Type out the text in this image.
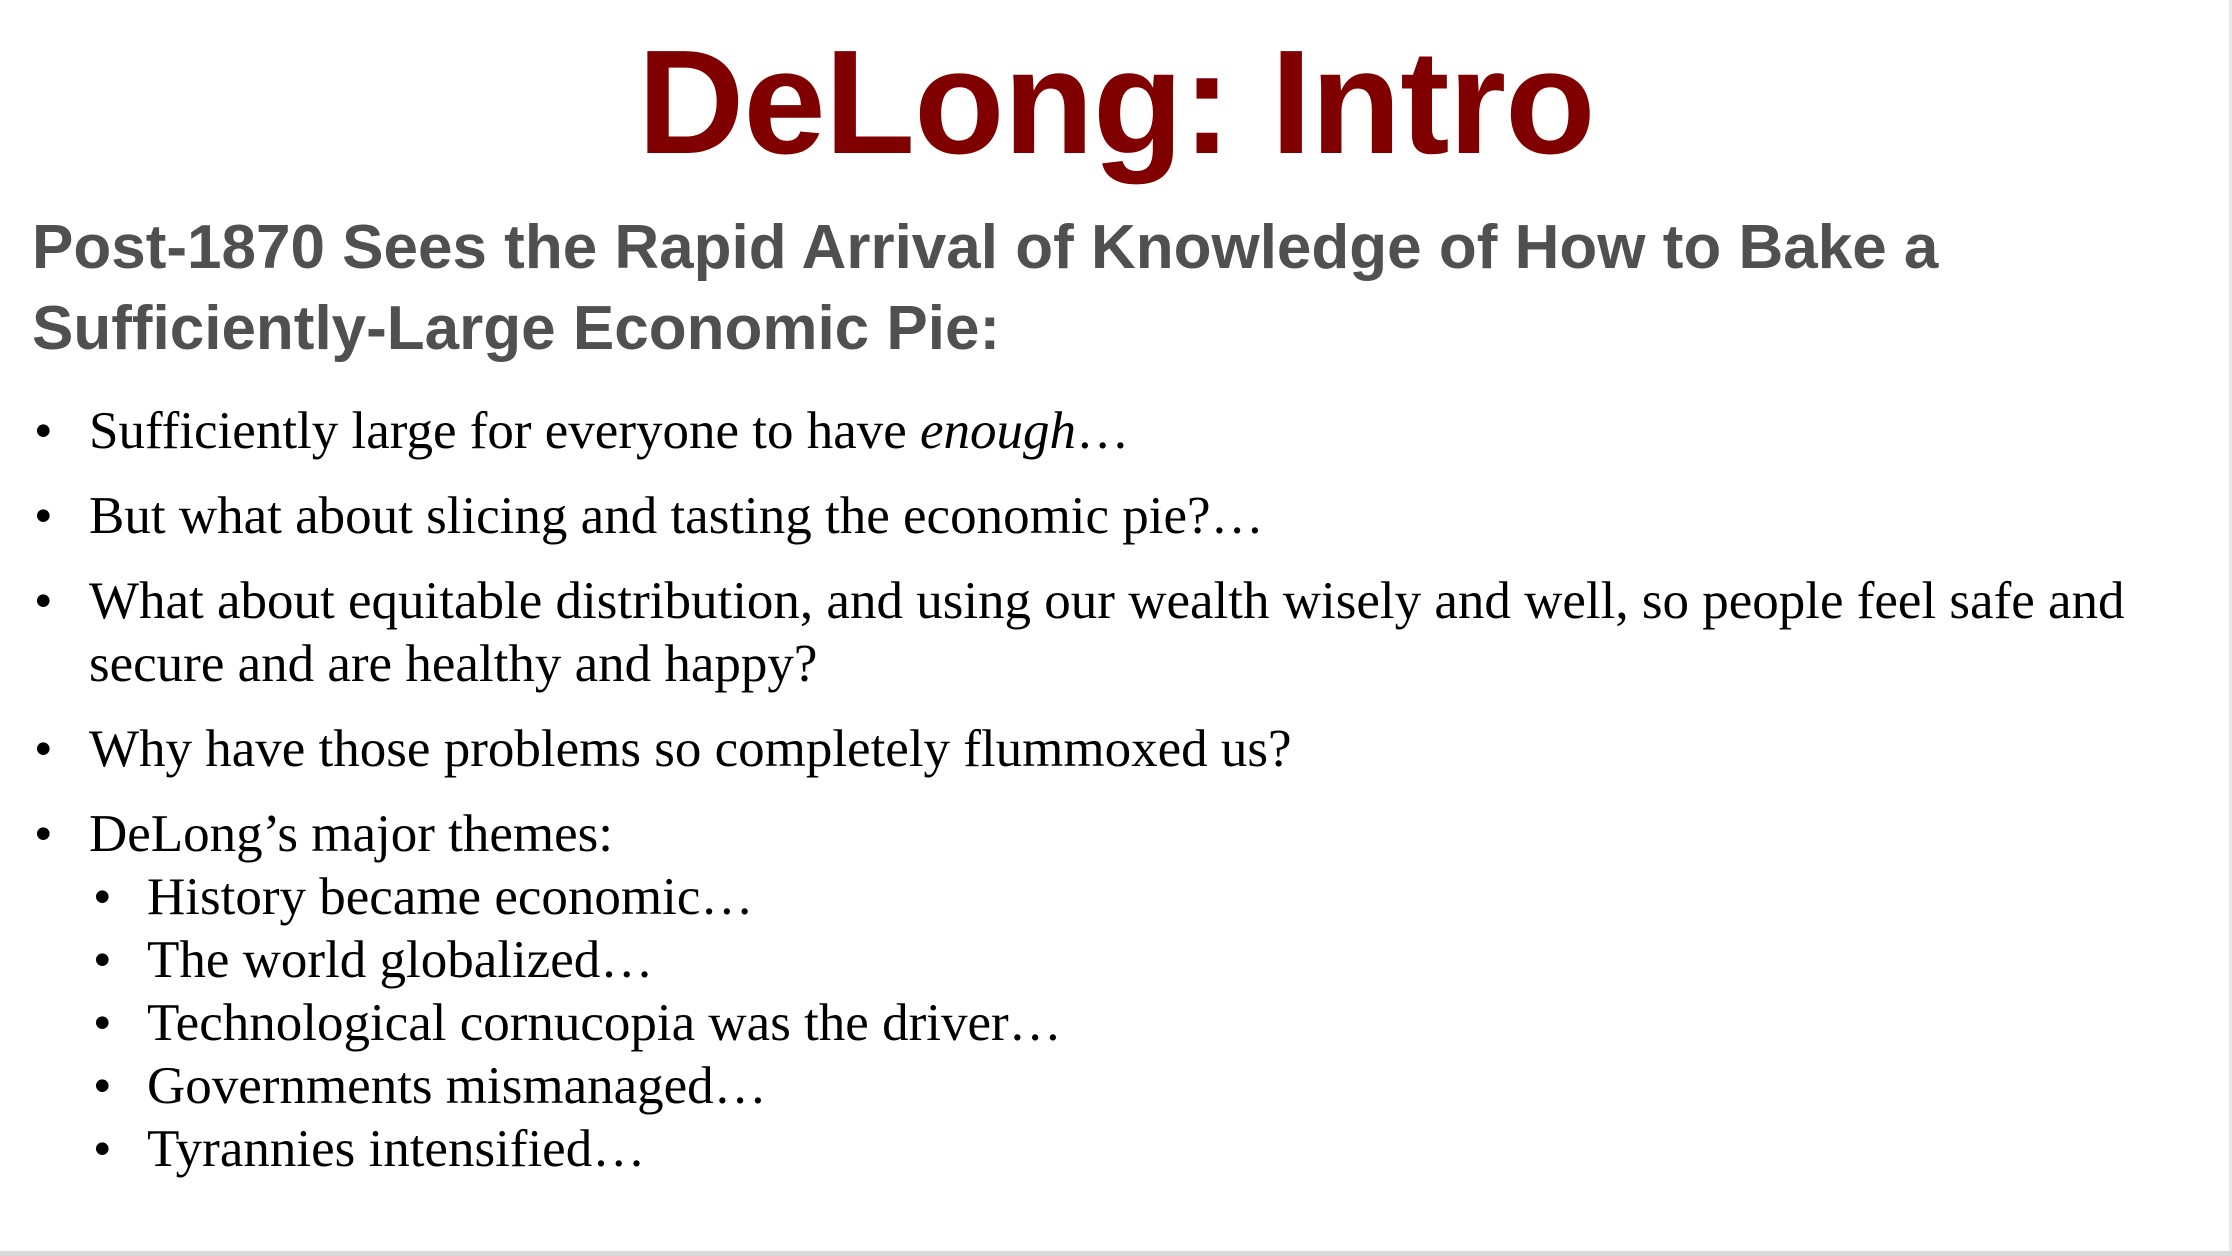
DeLong: Intro
Post-1870 Sees the Rapid Arrival of Knowledge of How to Bake a Sufficiently-Large Economic Pie:
• Sufficiently large for everyone to have enough…
• But what about slicing and tasting the economic pie?…
• What about equitable distribution, and using our wealth wisely and well, so people feel safe and secure and are healthy and happy?
• Why have those problems so completely flummoxed us?
• DeLong’s major themes:
• History became economic…
• The world globalized…
• Technological cornucopia was the driver…
• Governments mismanaged…
• Tyrannies intensified…
